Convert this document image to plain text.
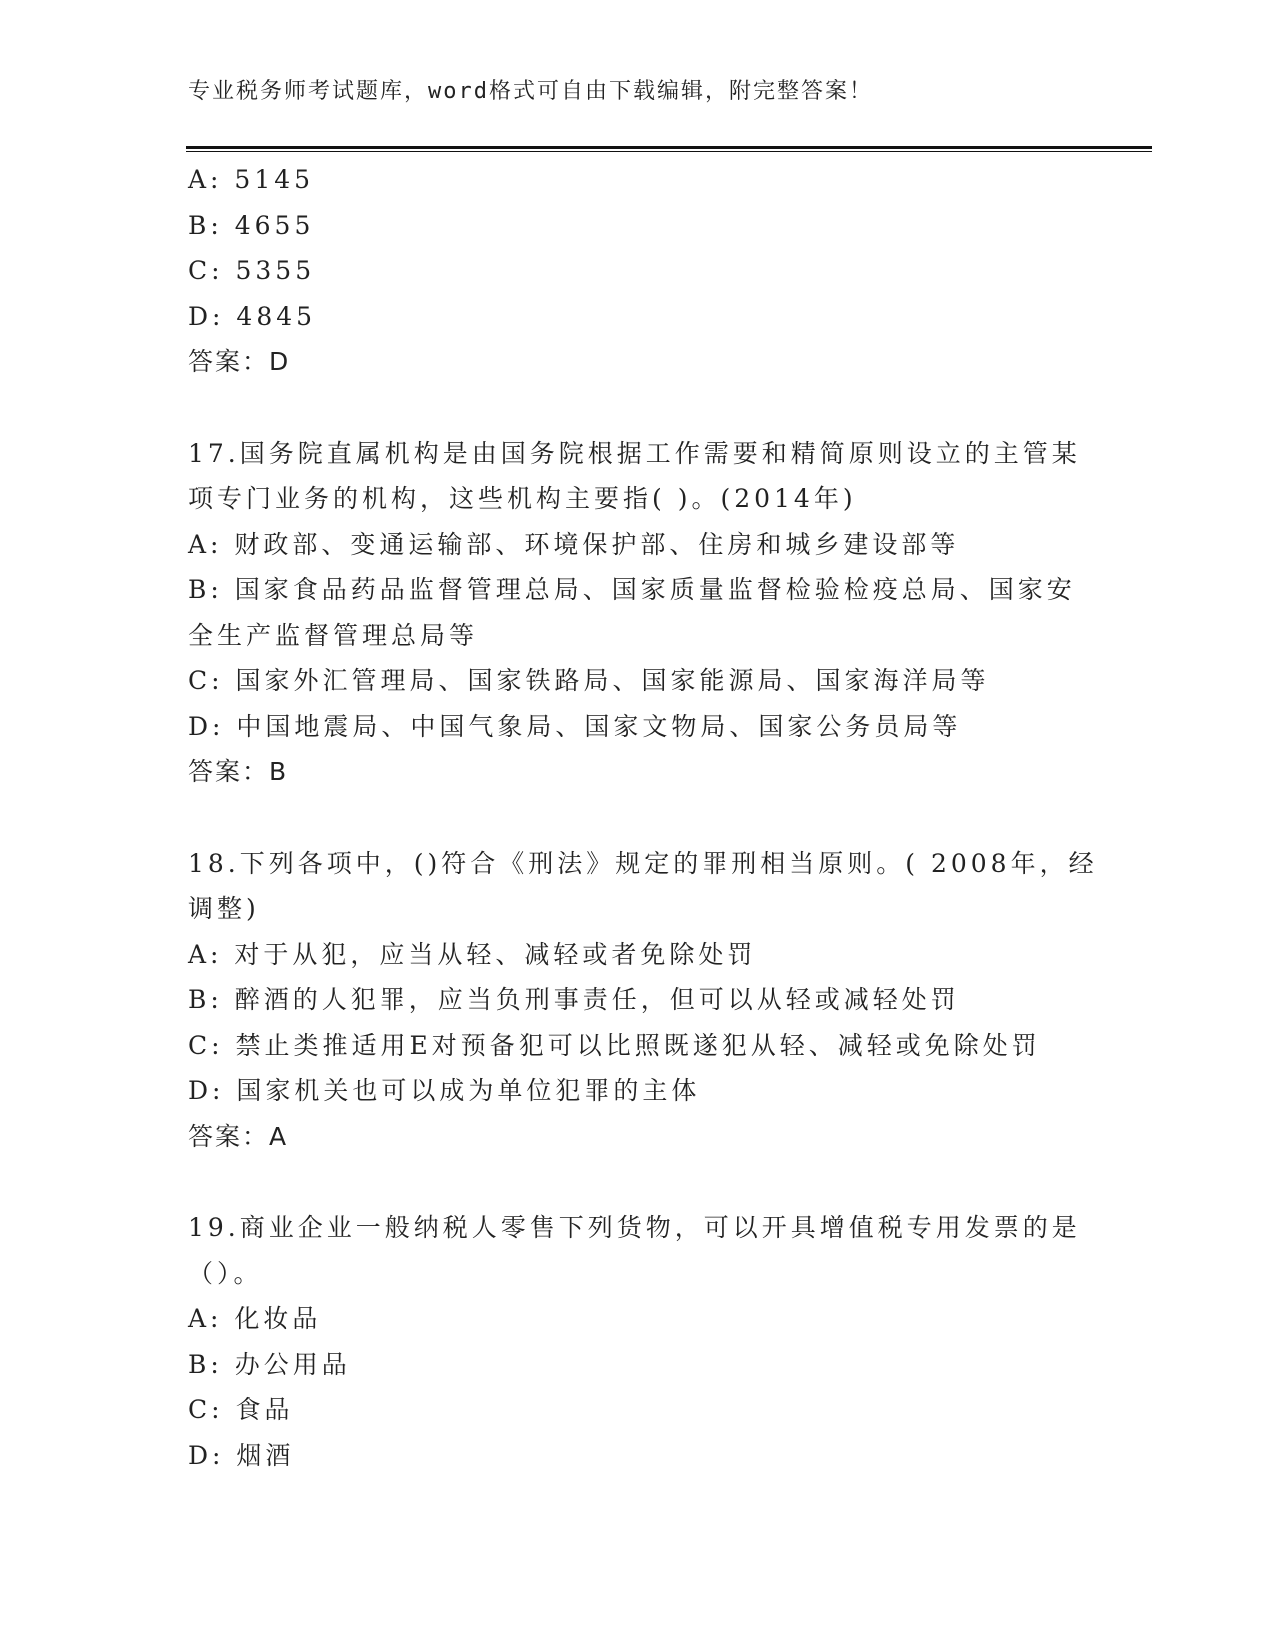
专业税务师考试题库，word格式可自由下载编辑，附完整答案！
A: 5145
B: 4655
C: 5355
D: 4845
答案：D
17.国务院直属机构是由国务院根据工作需要和精简原则设立的主管某
项专门业务的机构，这些机构主要指( )。(2014年)
A: 财政部、变通运输部、环境保护部、住房和城乡建设部等
B: 国家食品药品监督管理总局、国家质量监督检验检疫总局、国家安
全生产监督管理总局等
C: 国家外汇管理局、国家铁路局、国家能源局、国家海洋局等
D: 中国地震局、中国气象局、国家文物局、国家公务员局等
答案：B
18.下列各项中，()符合《刑法》规定的罪刑相当原则。( 2008年，经
调整)
A: 对于从犯，应当从轻、减轻或者免除处罚
B: 醉酒的人犯罪，应当负刑事责任，但可以从轻或减轻处罚
C: 禁止类推适用E对预备犯可以比照既遂犯从轻、减轻或免除处罚
D: 国家机关也可以成为单位犯罪的主体
答案：A
19.商业企业一般纳税人零售下列货物，可以开具增值税专用发票的是
（）。
A: 化妆品
B: 办公用品
C: 食品
D: 烟酒
